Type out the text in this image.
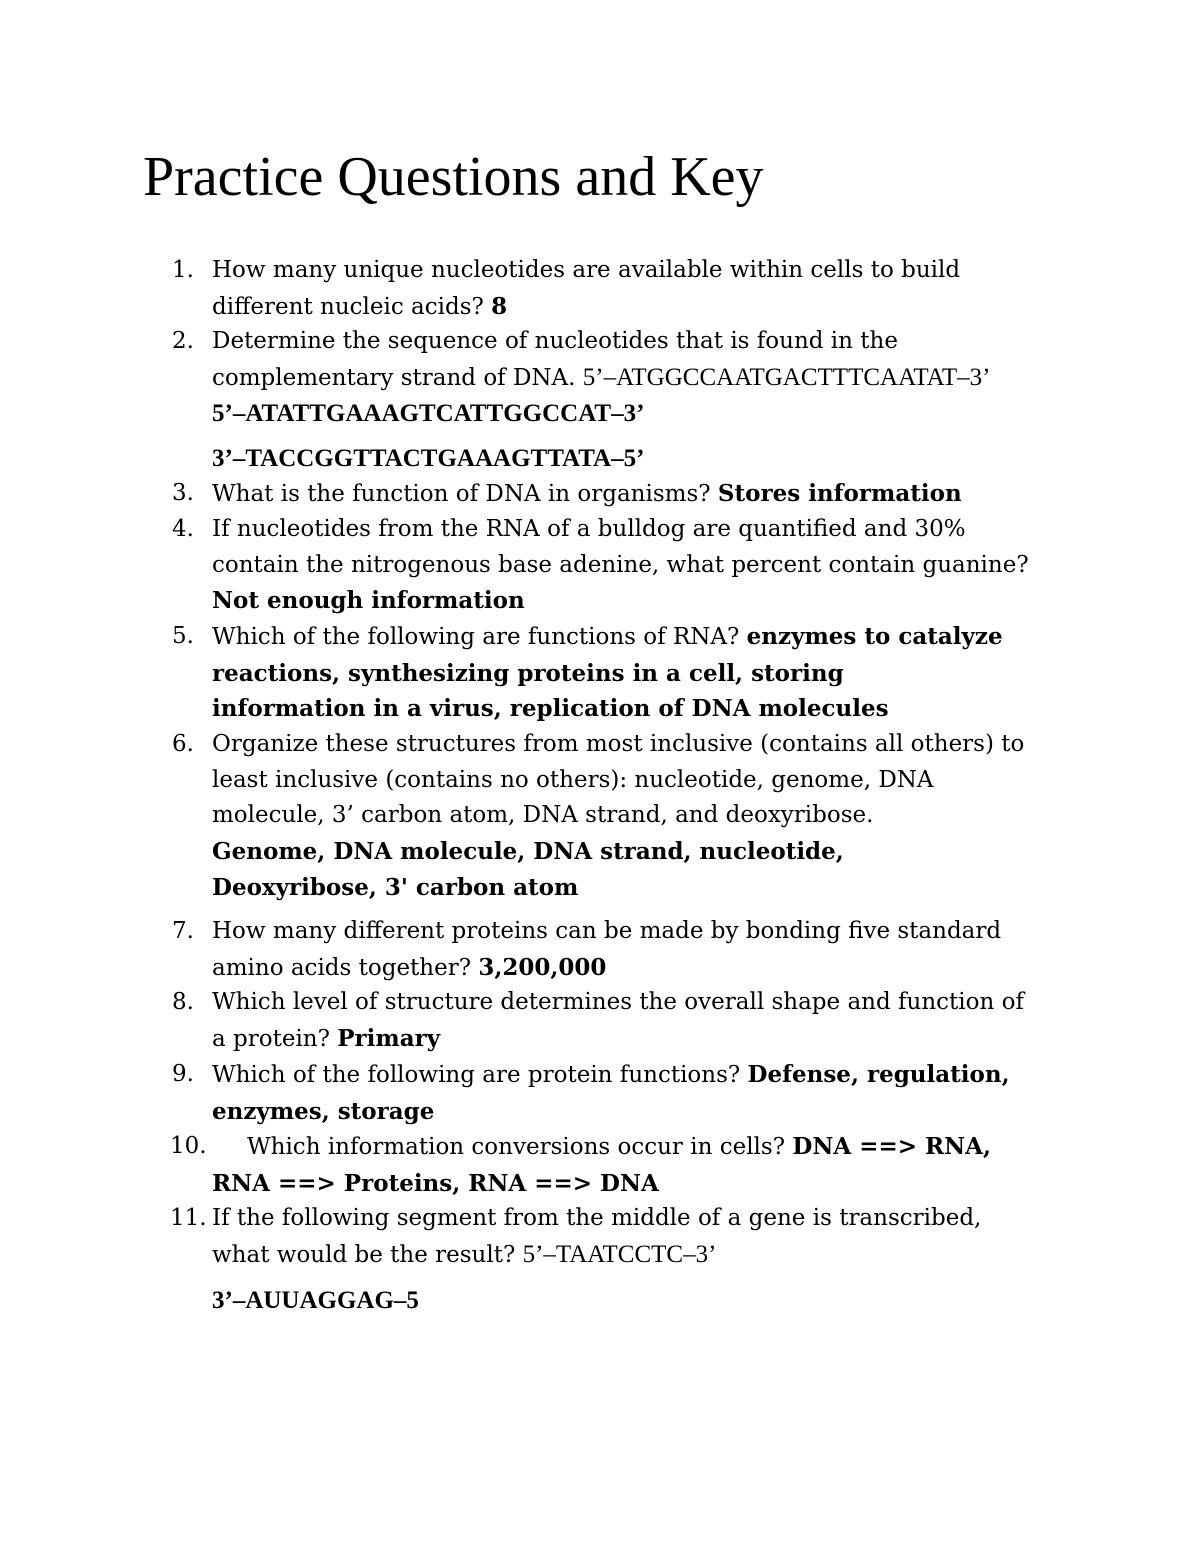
Practice Questions and Key
1. How many unique nucleotides are available within cells to build
different nucleic acids? 8
2. Determine the sequence of nucleotides that is found in the
complementary strand of DNA. 5’–ATGGCCAATGACTTTCAATAT–3’
5’–ATATTGAAAGTCATTGGCCAT–3’
3’–TACCGGTTACTGAAAGTTATA–5’
3. What is the function of DNA in organisms? Stores information
4. If nucleotides from the RNA of a bulldog are quantified and 30%
contain the nitrogenous base adenine, what percent contain guanine?
Not enough information
5. Which of the following are functions of RNA? enzymes to catalyze
reactions, synthesizing proteins in a cell, storing
information in a virus, replication of DNA molecules
6. Organize these structures from most inclusive (contains all others) to
least inclusive (contains no others): nucleotide, genome, DNA
molecule, 3’ carbon atom, DNA strand, and deoxyribose.
Genome, DNA molecule, DNA strand, nucleotide,
Deoxyribose, 3' carbon atom
7. How many different proteins can be made by bonding five standard
amino acids together? 3,200,000
8. Which level of structure determines the overall shape and function of
a protein? Primary
9. Which of the following are protein functions? Defense, regulation,
enzymes, storage
10.	Which information conversions occur in cells? DNA ==> RNA,
RNA ==> Proteins, RNA ==> DNA
11. If the following segment from the middle of a gene is transcribed,
what would be the result? 5’–TAATCCTC–3’
3’–AUUAGGAG–5
